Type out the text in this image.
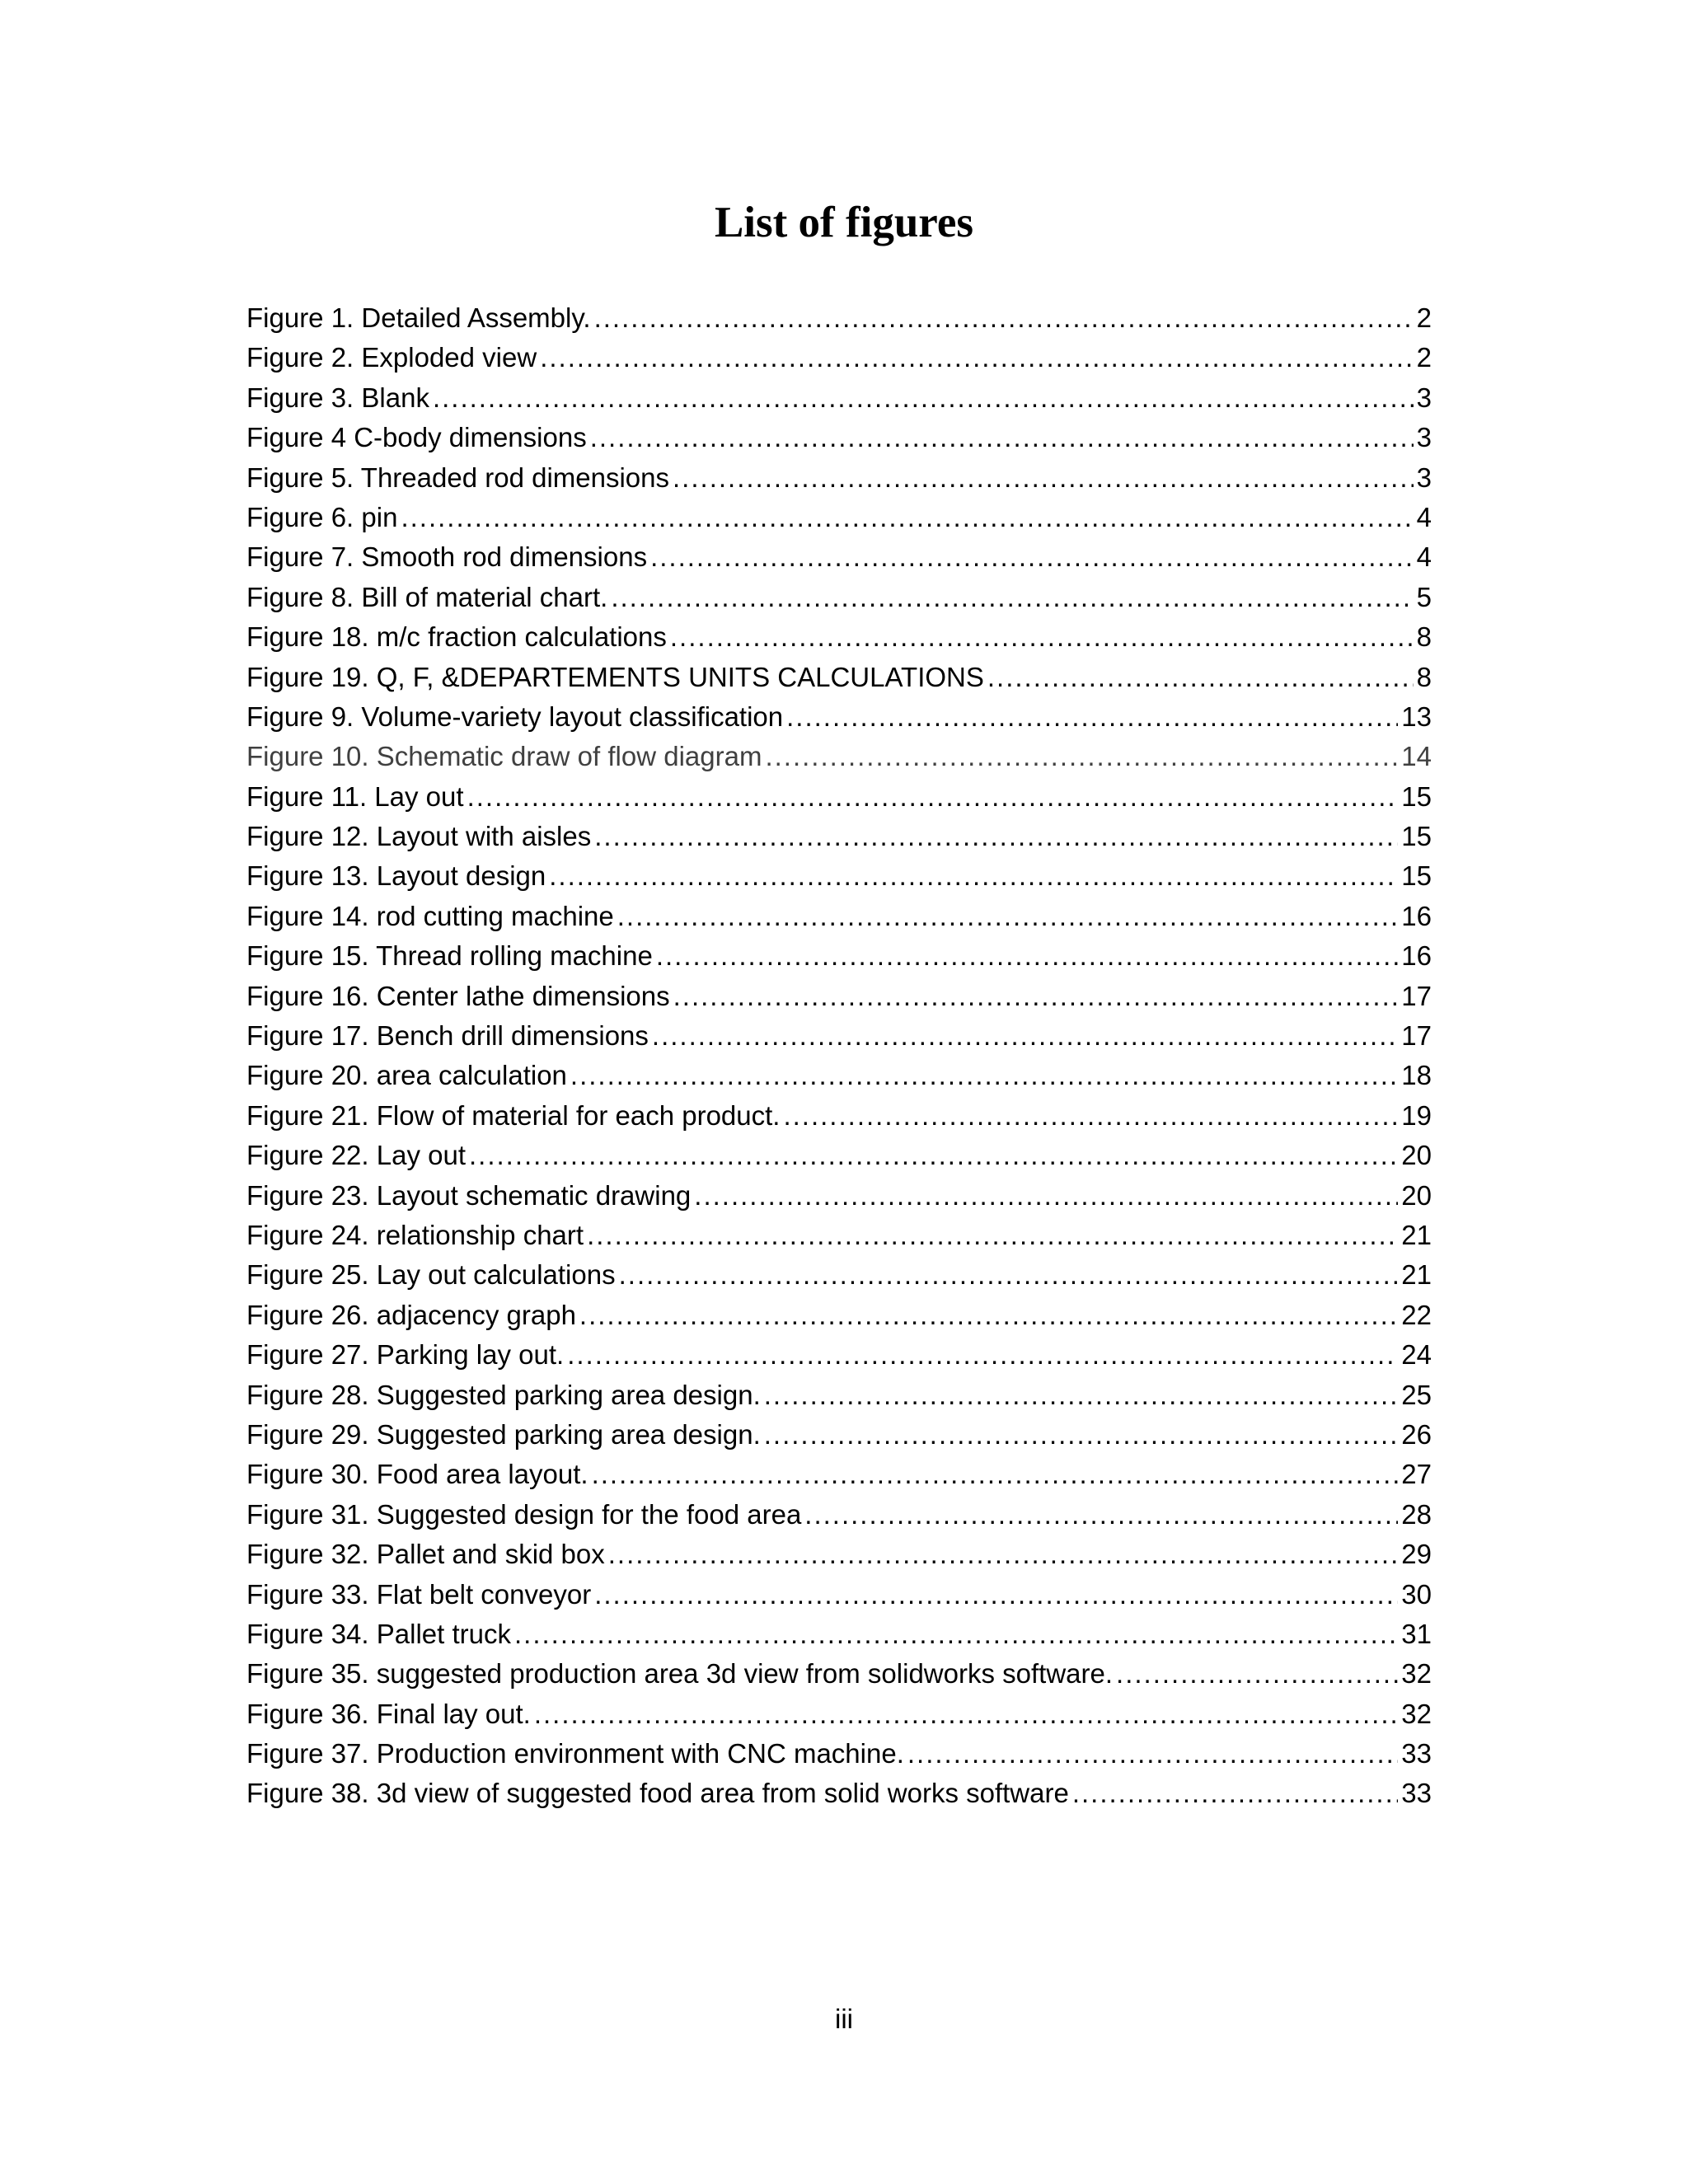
List of figures
Figure 1. Detailed Assembly. .....	2
Figure 2. Exploded view .....	2
Figure 3. Blank .....	3
Figure 4 C-body dimensions .....	3
Figure 5. Threaded rod dimensions .....	3
Figure 6. pin .....	4
Figure 7. Smooth rod dimensions .....	4
Figure 8. Bill of material chart. .....	5
Figure 18. m/c fraction calculations .....	8
Figure 19. Q, F, &DEPARTEMENTS UNITS CALCULATIONS .....	8
Figure 9. Volume-variety layout classification .....	13
Figure 10. Schematic draw of flow diagram .....	14
Figure 11. Lay out .....	15
Figure 12. Layout with aisles .....	15
Figure 13. Layout design .....	15
Figure 14. rod cutting machine .....	16
Figure 15. Thread rolling machine .....	16
Figure 16. Center lathe dimensions .....	17
Figure 17. Bench drill dimensions .....	17
Figure 20. area calculation .....	18
Figure 21. Flow of material for each product. .....	19
Figure 22. Lay out .....	20
Figure 23. Layout schematic drawing .....	20
Figure 24. relationship chart .....	21
Figure 25. Lay out calculations .....	21
Figure 26. adjacency graph .....	22
Figure 27. Parking lay out. .....	24
Figure 28. Suggested parking area design. .....	25
Figure 29. Suggested parking area design. .....	26
Figure 30. Food area layout. .....	27
Figure 31. Suggested design for the food area .....	28
Figure 32. Pallet and skid box .....	29
Figure 33. Flat belt conveyor .....	30
Figure 34. Pallet truck .....	31
Figure 35. suggested production area 3d view from solidworks software. .....	32
Figure 36. Final lay out. .....	32
Figure 37. Production environment with CNC machine. .....	33
Figure 38. 3d view of suggested food area from solid works software .....	33
iii
